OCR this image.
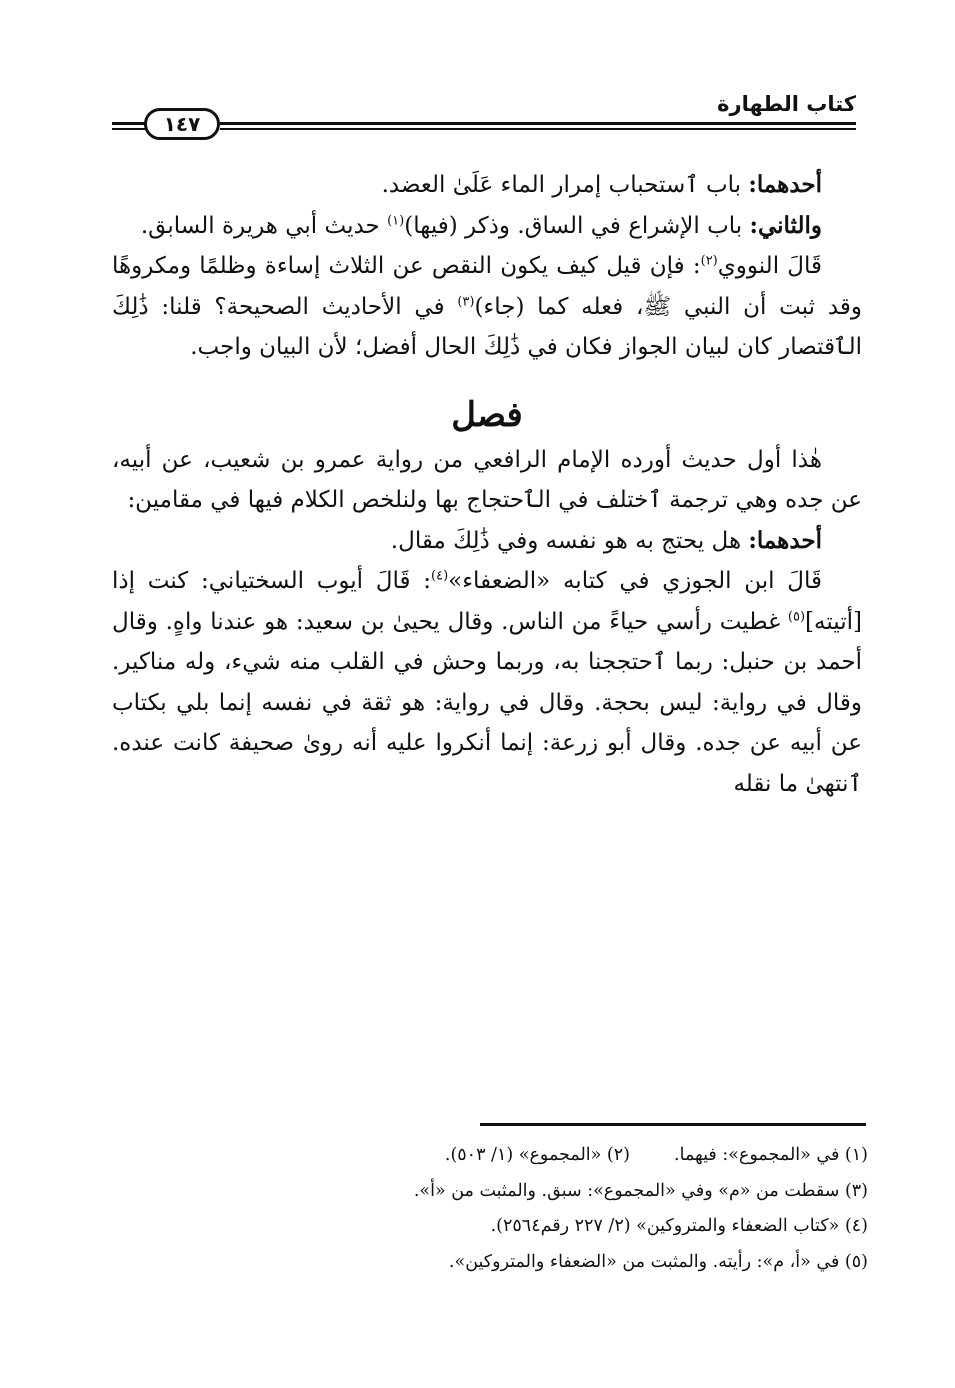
كتاب الطهارة
١٤٧

أحدهما: باب ٱستحباب إمرار الماء عَلَىٰ العضد.

والثاني: باب الإشراع في الساق. وذكر (فيها)$^{(١)}$ حديث أبي هريرة السابق.

قَالَ النووي$^{(٢)}$: فإن قيل كيف يكون النقص عن الثلاث إساءة وظلمًا ومكروهًا وقد ثبت أن النبي ﷺ، فعله كما (جاء)$^{(٣)}$ في الأحاديث الصحيحة؟ قلنا: ذَٰلِكَ الٱقتصار كان لبيان الجواز فكان في ذَٰلِكَ الحال أفضل؛ لأن البيان واجب.

فصل

هٰذا أول حديث أورده الإمام الرافعي من رواية عمرو بن شعيب، عن أبيه، عن جده وهي ترجمة ٱختلف في الٱحتجاج بها ولنلخص الكلام فيها في مقامين:

أحدهما: هل يحتج به هو نفسه وفي ذَٰلِكَ مقال.

قَالَ ابن الجوزي في كتابه «الضعفاء»$^{(٤)}$: قَالَ أيوب السختياني: كنت إذا [أتيته]$^{(٥)}$ غطيت رأسي حياءً من الناس. وقال يحيىٰ بن سعيد: هو عندنا واهٍ. وقال أحمد بن حنبل: ربما ٱحتججنا به، وربما وحش في القلب منه شيء، وله مناكير. وقال في رواية: ليس بحجة. وقال في رواية: هو ثقة في نفسه إنما بلي بكتاب عن أبيه عن جده. وقال أبو زرعة: إنما أنكروا عليه أنه روىٰ صحيفة كانت عنده. ٱنتهىٰ ما نقله

(١) في «المجموع»: فيهما.
(٢) «المجموع» (١/ ٥٠٣).
(٣) سقطت من «م» وفي «المجموع»: سبق. والمثبت من «أ».
(٤) «كتاب الضعفاء والمتروكين» (٢/ ٢٢٧ رقم٢٥٦٤).
(٥) في «أ، م»: رأيته. والمثبت من «الضعفاء والمتروكين».
